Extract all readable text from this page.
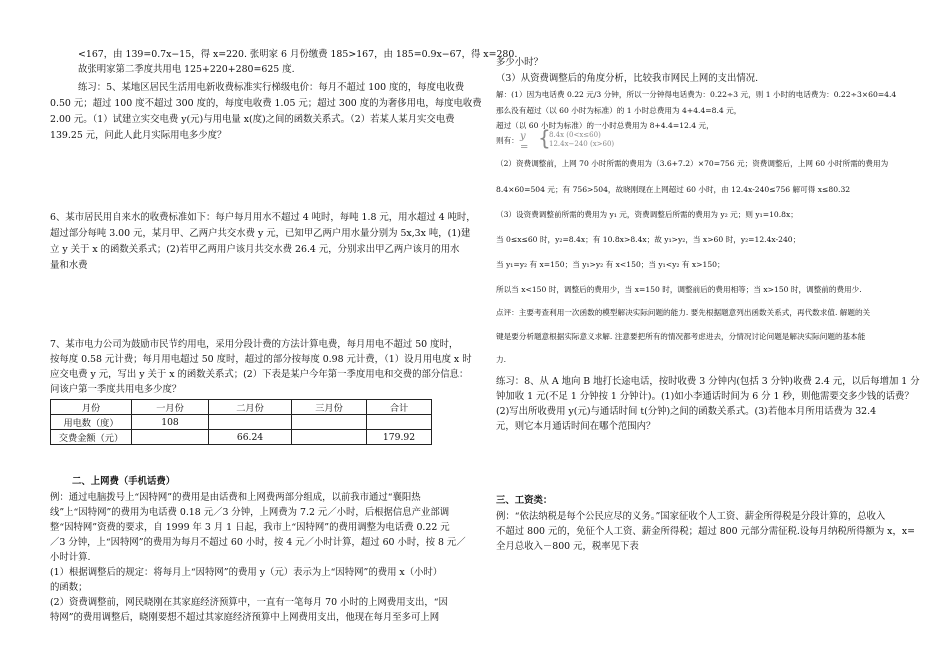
<167，由 139=0.7x−15，得 x=220. 张明家 6 月份缴费 185>167，由 185=0.9x−67，得 x=280.
故张明家第二季度共用电 125+220+280=625 度.
练习：5、某地区居民生活用电新收费标准实行梯级电价：每月不超过 100 度的，每度电收费
0.50 元；超过 100 度不超过 300 度的，每度电收费 1.05 元；超过 300 度的为奢侈用电，每度电收费
2.00 元。（1）试建立实交电费 y(元)与用电量 x(度)之间的函数关系式。（2）若某人某月实交电费
139.25 元，问此人此月实际用电多少度？
6、某市居民用自来水的收费标准如下：每户每月用水不超过 4 吨时，每吨 1.8 元，用水超过 4 吨时，
超过部分每吨 3.00 元，某月甲、乙两户共交水费 y 元，已知甲乙两户用水量分别为 5x,3x 吨，(1)建
立 y 关于 x 的函数关系式；(2)若甲乙两用户该月共交水费 26.4 元，分别求出甲乙两户该月的用水
量和水费
7、某市电力公司为鼓励市民节约用电，采用分段计费的方法计算电费，每月用电不超过 50 度时，
按每度 0.58 元计费；每月用电超过 50 度时，超过的部分按每度 0.98 元计费，（1）设月用电度 x 时
应交电费 y 元，写出 y 关于 x 的函数关系式；(2）下表是某户今年第一季度用电和交费的部分信息：
问该户第一季度共用电多少度？
月份	一月份	二月份	三月份	合计
用电数（度）	108			
交费金额（元）		66.24		179.92
二、上网费（手机话费）
例：通过电脑拨号上“因特网”的费用是由话费和上网费两部分组成，以前我市通过“襄阳热
线”上“因特网”的费用为电话费 0.18 元／3 分钟，上网费为 7.2 元／小时，后根据信息产业部调
整“因特网”资费的要求，自 1999 年 3 月 1 日起，我市上“因特网”的费用调整为电话费 0.22 元
／3 分钟，上“因特网”的费用为每月不超过 60 小时，按 4 元／小时计算，超过 60 小时，按 8 元／
小时计算.
(1）根据调整后的规定：将每月上“因特网”的费用 y（元）表示为上“因特网”的费用 x（小时）
的函数；
(2）资费调整前，网民晓刚在其家庭经济预算中，一直有一笔每月 70 小时的上网费用支出，“因
特网”的费用调整后，晓刚要想不超过其家庭经济预算中上网费用支出，他现在每月至多可上网
多少小时？
（3）从资费调整后的角度分析，比较我市网民上网的支出情况.
解：(1）因为电话费 0.22 元/3 分钟，所以一分钟得电话费为：0.22÷3 元，则 1 小时的电话费为：0.22÷3×60=4.4
那么没有超过（以 60 小时为标准）的 1 小时总费用为 4+4.4=8.4 元，
超过（以 60 小时为标准）的一小时总费用为 8+4.4=12.4 元，
则有： y = {
8.4x (0<x≤60)
12.4x−240 (x>60)
（2）资费调整前，上网 70 小时所需的费用为（3.6+7.2）×70=756 元；资费调整后，上网 60 小时所需的费用为
8.4×60=504 元；有 756>504，故晓刚现在上网超过 60 小时，由 12.4x-240≤756 解可得 x≤80.32
（3）设资费调整前所需的费用为 y₁ 元，资费调整后所需的费用为 y₂ 元；则 y₁=10.8x；
当 0≤x≤60 时，y₂=8.4x；有 10.8x>8.4x；故 y₁>y₂，当 x>60 时，y₂=12.4x-240；
当 y₁=y₂ 有 x=150；当 y₁>y₂ 有 x<150；当 y₁<y₂ 有 x>150；
所以当 x<150 时，调整后的费用少，当 x=150 时，调整前后的费用相等；当 x>150 时，调整前的费用少.
点评：主要考查利用一次函数的模型解决实际问题的能力. 要先根据题意列出函数关系式，再代数求值. 解题的关
键是要分析题意根据实际意义求解. 注意要把所有的情况都考虑进去，分情况讨论问题是解决实际问题的基本能
力.
练习：8、从 A 地向 B 地打长途电话，按时收费 3 分钟内(包括 3 分钟)收费 2.4 元，以后每增加 1 分
钟加收 1 元(不足 1 分钟按 1 分钟计)。(1)如小李通话时间为 6 分 1 秒，则他需要交多少钱的话费？
(2)写出所收费用 y(元)与通话时间 t(分钟)之间的函数关系式。(3)若他本月所用话费为 32.4
元，则它本月通话时间在哪个范围内？
三、工资类：
例：“依法纳税是每个公民应尽的义务。”国家征收个人工资、薪金所得税是分段计算的，总收入
不超过 800 元的，免征个人工资、薪金所得税；超过 800 元部分需征税.设每月纳税所得额为 x，x=
全月总收入－800 元，税率见下表
